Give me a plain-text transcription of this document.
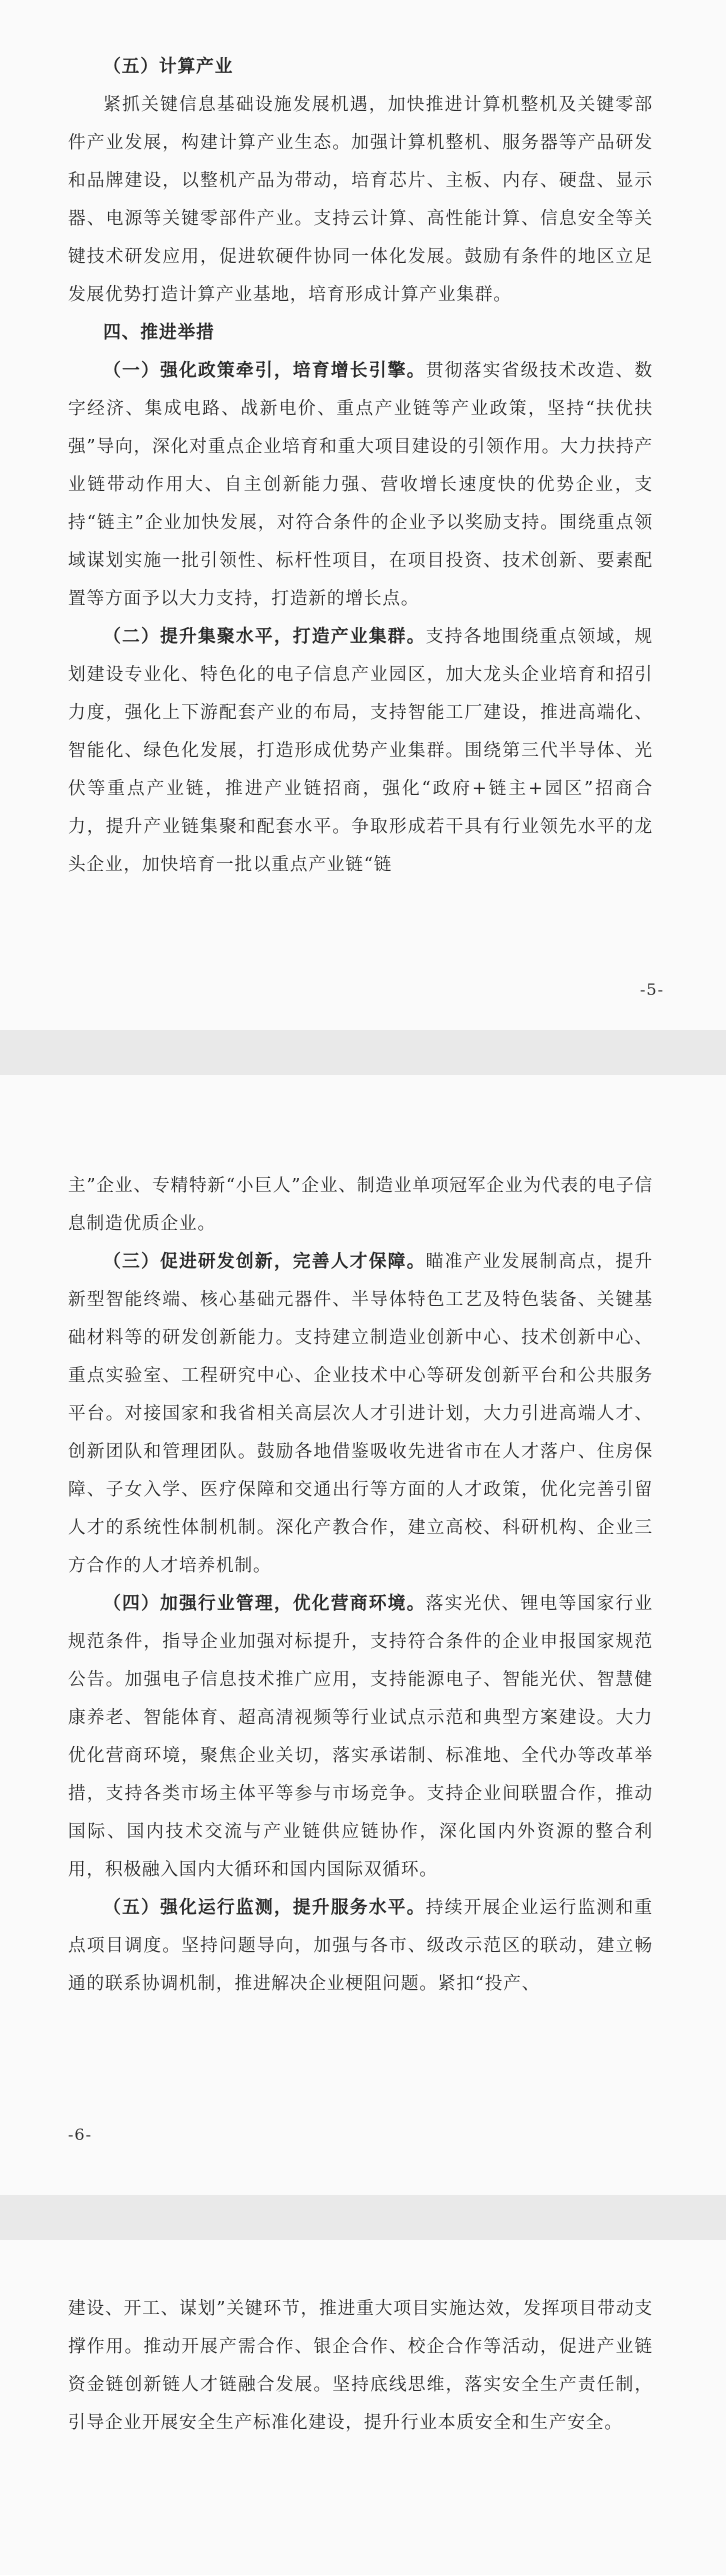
（五）计算产业

紧抓关键信息基础设施发展机遇，加快推进计算机整机及关键零部件产业发展，构建计算产业生态。加强计算机整机、服务器等产品研发和品牌建设，以整机产品为带动，培育芯片、主板、内存、硬盘、显示器、电源等关键零部件产业。支持云计算、高性能计算、信息安全等关键技术研发应用，促进软硬件协同一体化发展。鼓励有条件的地区立足发展优势打造计算产业基地，培育形成计算产业集群。

四、推进举措

（一）强化政策牵引，培育增长引擎。贯彻落实省级技术改造、数字经济、集成电路、战新电价、重点产业链等产业政策，坚持“扶优扶强”导向，深化对重点企业培育和重大项目建设的引领作用。大力扶持产业链带动作用大、自主创新能力强、营收增长速度快的优势企业，支持“链主”企业加快发展，对符合条件的企业予以奖励支持。围绕重点领域谋划实施一批引领性、标杆性项目，在项目投资、技术创新、要素配置等方面予以大力支持，打造新的增长点。

（二）提升集聚水平，打造产业集群。支持各地围绕重点领域，规划建设专业化、特色化的电子信息产业园区，加大龙头企业培育和招引力度，强化上下游配套产业的布局，支持智能工厂建设，推进高端化、智能化、绿色化发展，打造形成优势产业集群。围绕第三代半导体、光伏等重点产业链，推进产业链招商，强化“政府+链主+园区”招商合力，提升产业链集聚和配套水平。争取形成若干具有行业领先水平的龙头企业，加快培育一批以重点产业链“链

-5-

主”企业、专精特新“小巨人”企业、制造业单项冠军企业为代表的电子信息制造优质企业。

（三）促进研发创新，完善人才保障。瞄准产业发展制高点，提升新型智能终端、核心基础元器件、半导体特色工艺及特色装备、关键基础材料等的研发创新能力。支持建立制造业创新中心、技术创新中心、重点实验室、工程研究中心、企业技术中心等研发创新平台和公共服务平台。对接国家和我省相关高层次人才引进计划，大力引进高端人才、创新团队和管理团队。鼓励各地借鉴吸收先进省市在人才落户、住房保障、子女入学、医疗保障和交通出行等方面的人才政策，优化完善引留人才的系统性体制机制。深化产教合作，建立高校、科研机构、企业三方合作的人才培养机制。

（四）加强行业管理，优化营商环境。落实光伏、锂电等国家行业规范条件，指导企业加强对标提升，支持符合条件的企业申报国家规范公告。加强电子信息技术推广应用，支持能源电子、智能光伏、智慧健康养老、智能体育、超高清视频等行业试点示范和典型方案建设。大力优化营商环境，聚焦企业关切，落实承诺制、标准地、全代办等改革举措，支持各类市场主体平等参与市场竞争。支持企业间联盟合作，推动国际、国内技术交流与产业链供应链协作，深化国内外资源的整合利用，积极融入国内大循环和国内国际双循环。

（五）强化运行监测，提升服务水平。持续开展企业运行监测和重点项目调度。坚持问题导向，加强与各市、级改示范区的联动，建立畅通的联系协调机制，推进解决企业梗阻问题。紧扣“投产、

-6-

建设、开工、谋划”关键环节，推进重大项目实施达效，发挥项目带动支撑作用。推动开展产需合作、银企合作、校企合作等活动，促进产业链资金链创新链人才链融合发展。坚持底线思维，落实安全生产责任制，引导企业开展安全生产标准化建设，提升行业本质安全和生产安全。
